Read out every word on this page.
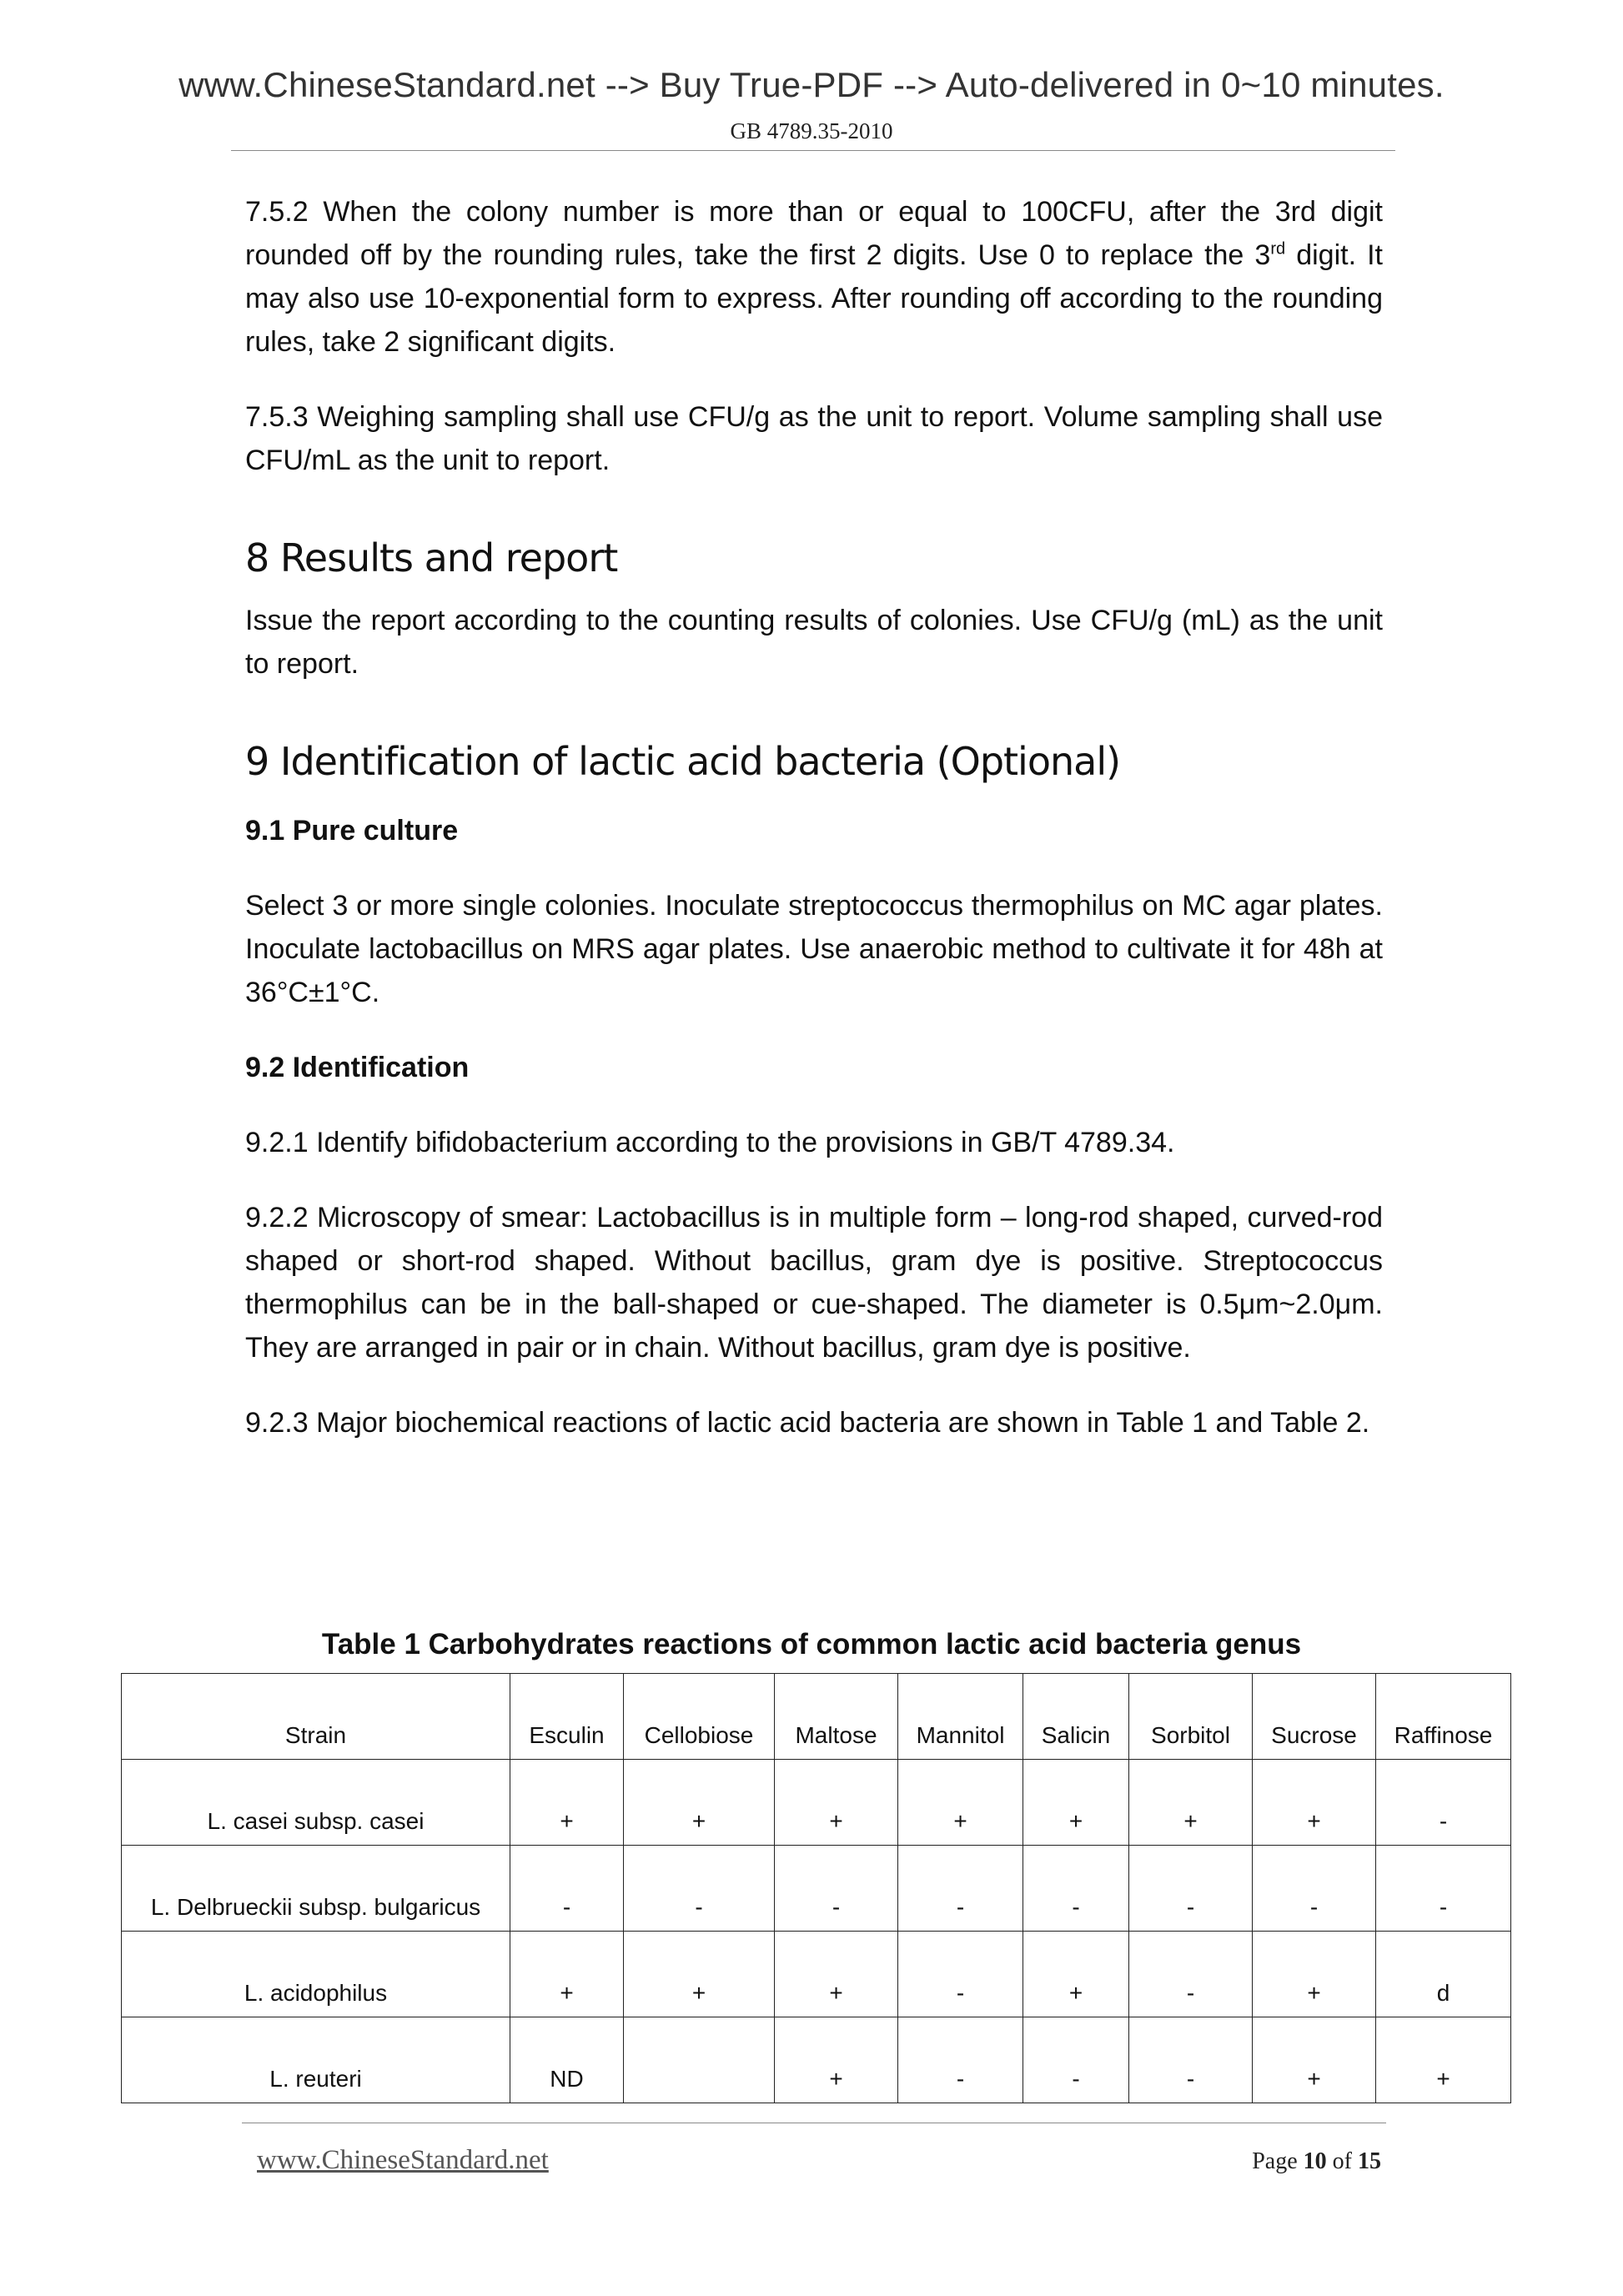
www.ChineseStandard.net --> Buy True-PDF --> Auto-delivered in 0~10 minutes.
GB 4789.35-2010

7.5.2 When the colony number is more than or equal to 100CFU, after the 3rd digit rounded off by the rounding rules, take the first 2 digits. Use 0 to replace the 3rd digit. It may also use 10-exponential form to express. After rounding off according to the rounding rules, take 2 significant digits.

7.5.3 Weighing sampling shall use CFU/g as the unit to report. Volume sampling shall use CFU/mL as the unit to report.

8 Results and report

Issue the report according to the counting results of colonies. Use CFU/g (mL) as the unit to report.

9 Identification of lactic acid bacteria (Optional)
9.1 Pure culture

Select 3 or more single colonies. Inoculate streptococcus thermophilus on MC agar plates. Inoculate lactobacillus on MRS agar plates. Use anaerobic method to cultivate it for 48h at 36°C±1°C.

9.2 Identification

9.2.1 Identify bifidobacterium according to the provisions in GB/T 4789.34.

9.2.2 Microscopy of smear: Lactobacillus is in multiple form – long-rod shaped, curved-rod shaped or short-rod shaped. Without bacillus, gram dye is positive. Streptococcus thermophilus can be in the ball-shaped or cue-shaped. The diameter is 0.5μm~2.0μm. They are arranged in pair or in chain. Without bacillus, gram dye is positive.

9.2.3 Major biochemical reactions of lactic acid bacteria are shown in Table 1 and Table 2.

Table 1 Carbohydrates reactions of common lactic acid bacteria genus
Strain	Esculin	Cellobiose	Maltose	Mannitol	Salicin	Sorbitol	Sucrose	Raffinose
L. casei subsp. casei	+	+	+	+	+	+	+	-
L. Delbrueckii subsp. bulgaricus	-	-	-	-	-	-	-	-
L. acidophilus	+	+	+	-	+	-	+	d
L. reuteri	ND		+	-	-	-	+	+
www.ChineseStandard.net	Page 10 of 15
